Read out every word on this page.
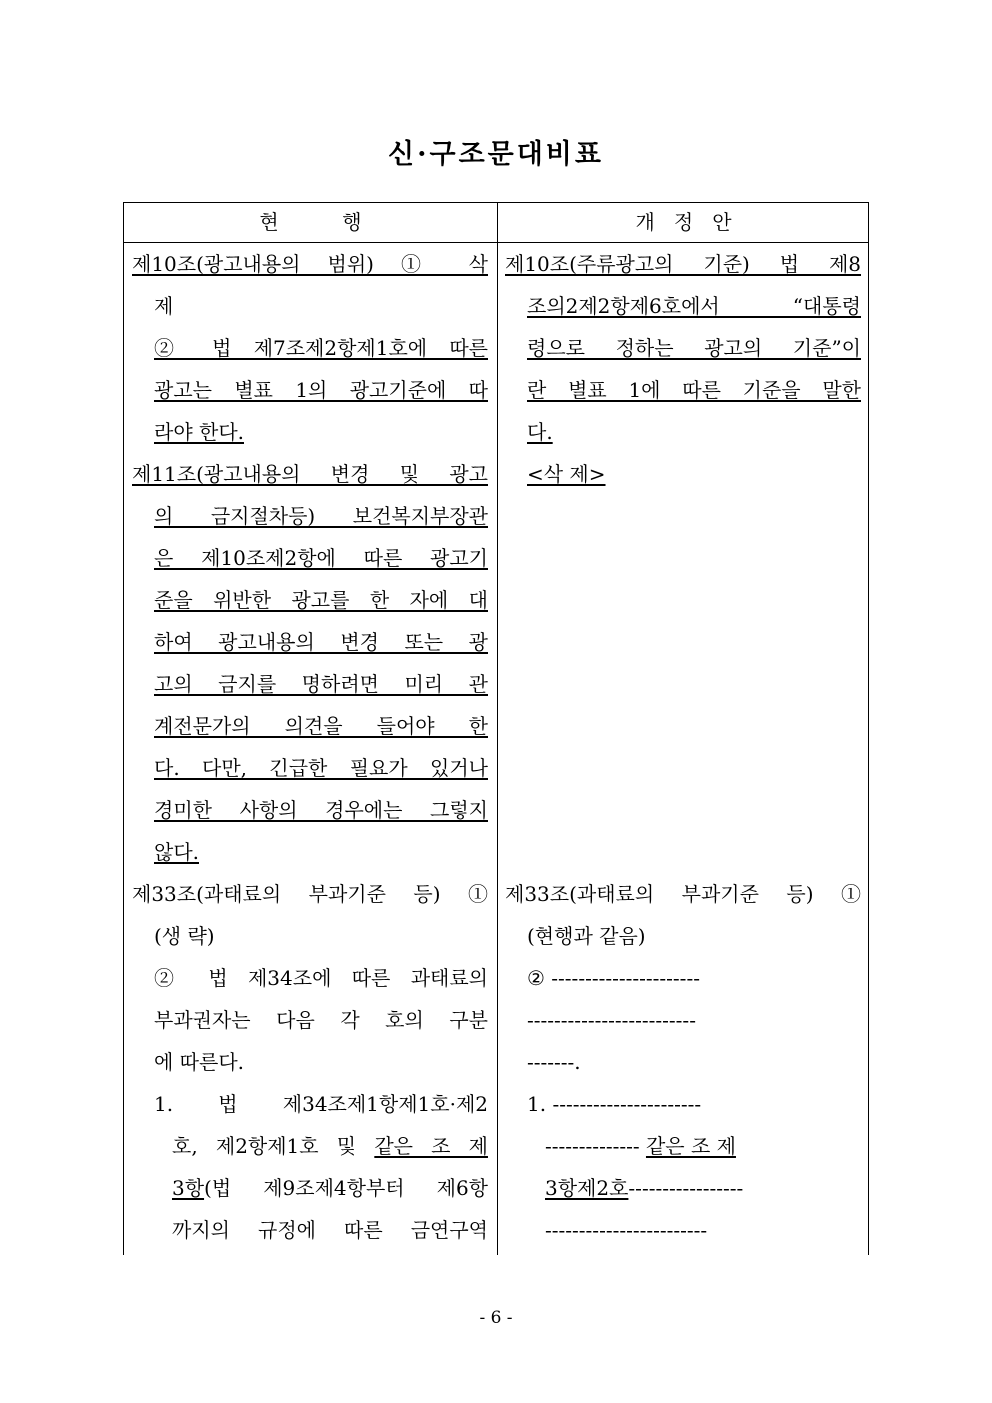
신·구조문대비표
현          행	개   정   안
제10조(광고내용의 범위) ① 삭
제
② 법 제7조제2항제1호에 따른
광고는 별표 1의 광고기준에 따
라야 한다.
제11조(광고내용의 변경 및 광고
의 금지절차등) 보건복지부장관
은 제10조제2항에 따른 광고기
준을 위반한 광고를 한 자에 대
하여 광고내용의 변경 또는 광
고의 금지를 명하려면 미리 관
계전문가의 의견을 들어야 한
다. 다만, 긴급한 필요가 있거나
경미한 사항의 경우에는 그렇지
않다.
제33조(과태료의 부과기준 등) ①
(생 략)
② 법 제34조에 따른 과태료의
부과권자는 다음 각 호의 구분
에 따른다.
1. 법 제34조제1항제1호·제2
호, 제2항제1호 및 같은 조 제
3항(법 제9조제4항부터 제6항
까지의 규정에 따른 금연구역
제10조(주류광고의 기준) 법 제8
조의2제2항제6호에서 “대통령
령으로 정하는 광고의 기준”이
란 별표 1에 따른 기준을 말한
다.
<삭 제>
제33조(과태료의 부과기준 등) ①
(현행과 같음)
② ----------------------
-------------------------
-------.
1. ----------------------
-------------- 같은 조 제
3항제2호-----------------
------------------------
- 6 -
